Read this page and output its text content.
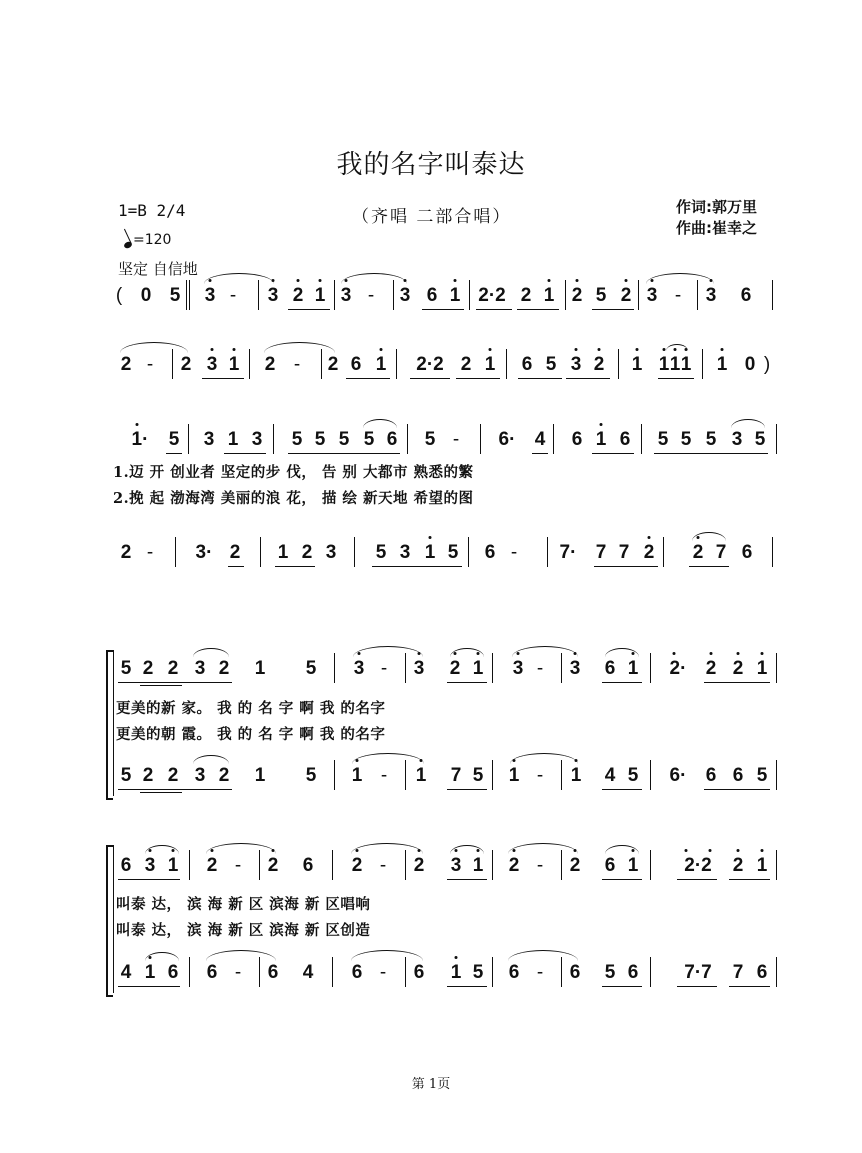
我的名字叫泰达
1=B 2/4	（齐唱 二部合唱）	作词:郭万里
作曲:崔幸之
=120
坚定 自信地
( 0 5 3 - 3 2 1 3 - 3 6 1 2·2 2 1 2 5 2 3 - 3 6
2 - 2 3 1 2 - 2 6 1 2·2 2 1 6 5 3 2 1 1 1 1 1 0 )
1· 5 3 1 3 5 5 5 5 6 5 - 6· 4 6 1 6 5 5 5 3 5
1.迈 开 创业者 坚定的步 伐， 告 别 大都市 熟悉的繁
2.挽 起 渤海湾 美丽的浪 花， 描 绘 新天地 希望的图
2 - 3· 2 1 2 3 5 3 1 5 6 - 7· 7 7 2 2 7 6
5 2 2 3 2 1 5 3 - 3 2 1 3 - 3 6 1 2· 2 2 1
更美的新 家。 我 的 名 字 啊 我 的名字
更美的朝 霞。 我 的 名 字 啊 我 的名字
5 2 2 3 2 1 5 1 - 1 7 5 1 - 1 4 5 6· 6 6 5
6 3 1 2 - 2 6 2 - 2 3 1 2 - 2 6 1 2·2 2 1
叫泰 达， 滨 海 新 区 滨海 新 区唱响
叫泰 达， 滨 海 新 区 滨海 新 区创造
4 1 6 6 - 6 4 6 - 6 1 5 6 - 6 5 6 7·7 7 6
第 1页
